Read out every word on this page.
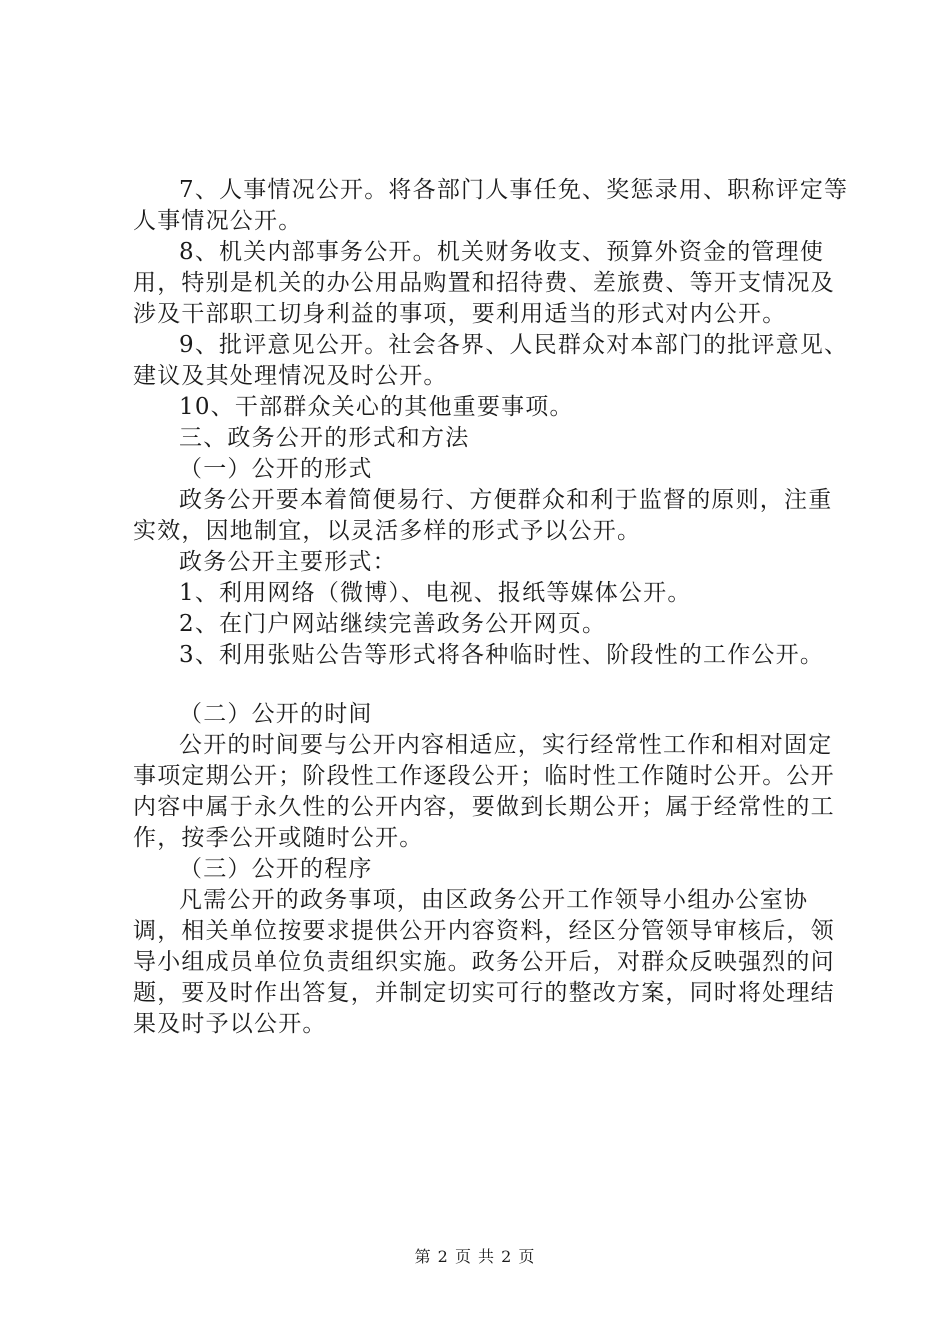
7、人事情况公开。将各部门人事任免、奖惩录用、职称评定等人事情况公开。

8、机关内部事务公开。机关财务收支、预算外资金的管理使用，特别是机关的办公用品购置和招待费、差旅费、等开支情况及涉及干部职工切身利益的事项，要利用适当的形式对内公开。

9、批评意见公开。社会各界、人民群众对本部门的批评意见、建议及其处理情况及时公开。

10、干部群众关心的其他重要事项。

三、政务公开的形式和方法

（一）公开的形式

政务公开要本着简便易行、方便群众和利于监督的原则，注重实效，因地制宜，以灵活多样的形式予以公开。

政务公开主要形式：

1、利用网络（微博）、电视、报纸等媒体公开。

2、在门户网站继续完善政务公开网页。

3、利用张贴公告等形式将各种临时性、阶段性的工作公开。

（二）公开的时间

公开的时间要与公开内容相适应，实行经常性工作和相对固定事项定期公开；阶段性工作逐段公开；临时性工作随时公开。公开内容中属于永久性的公开内容，要做到长期公开；属于经常性的工作，按季公开或随时公开。

（三）公开的程序

凡需公开的政务事项，由区政务公开工作领导小组办公室协调，相关单位按要求提供公开内容资料，经区分管领导审核后，领导小组成员单位负责组织实施。政务公开后，对群众反映强烈的问题，要及时作出答复，并制定切实可行的整改方案，同时将处理结果及时予以公开。

第 2 页 共 2 页
